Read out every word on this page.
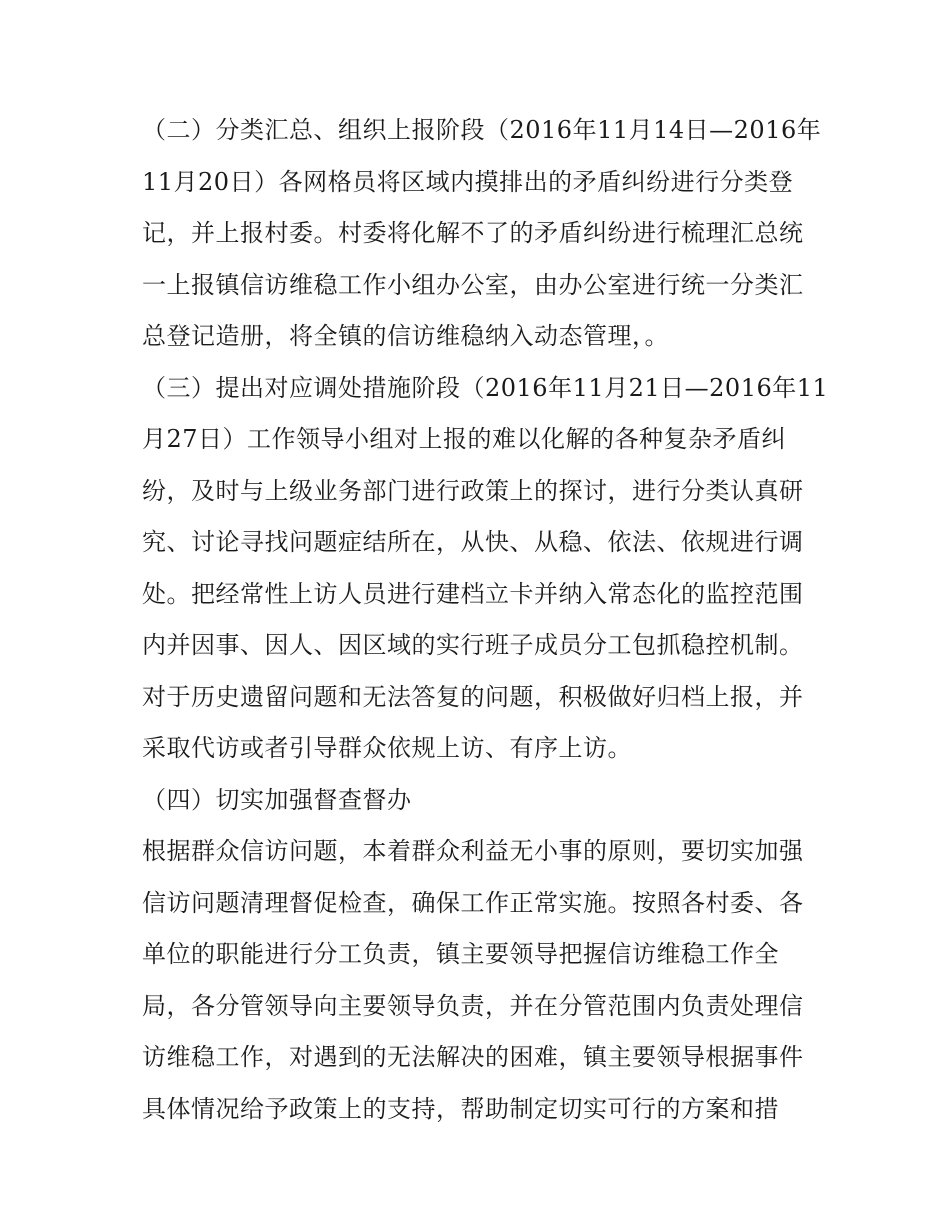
（二）分类汇总、组织上报阶段（2016年11月14日—2016年
11月20日）各网格员将区域内摸排出的矛盾纠纷进行分类登
记，并上报村委。村委将化解不了的矛盾纠纷进行梳理汇总统
一上报镇信访维稳工作小组办公室，由办公室进行统一分类汇
总登记造册，将全镇的信访维稳纳入动态管理，。
（三）提出对应调处措施阶段（2016年11月21日—2016年11
月27日）工作领导小组对上报的难以化解的各种复杂矛盾纠
纷，及时与上级业务部门进行政策上的探讨，进行分类认真研
究、讨论寻找问题症结所在，从快、从稳、依法、依规进行调
处。把经常性上访人员进行建档立卡并纳入常态化的监控范围
内并因事、因人、因区域的实行班子成员分工包抓稳控机制。
对于历史遗留问题和无法答复的问题，积极做好归档上报，并
采取代访或者引导群众依规上访、有序上访。
（四）切实加强督查督办
根据群众信访问题，本着群众利益无小事的原则，要切实加强
信访问题清理督促检查，确保工作正常实施。按照各村委、各
单位的职能进行分工负责，镇主要领导把握信访维稳工作全
局，各分管领导向主要领导负责，并在分管范围内负责处理信
访维稳工作，对遇到的无法解决的困难，镇主要领导根据事件
具体情况给予政策上的支持，帮助制定切实可行的方案和措
